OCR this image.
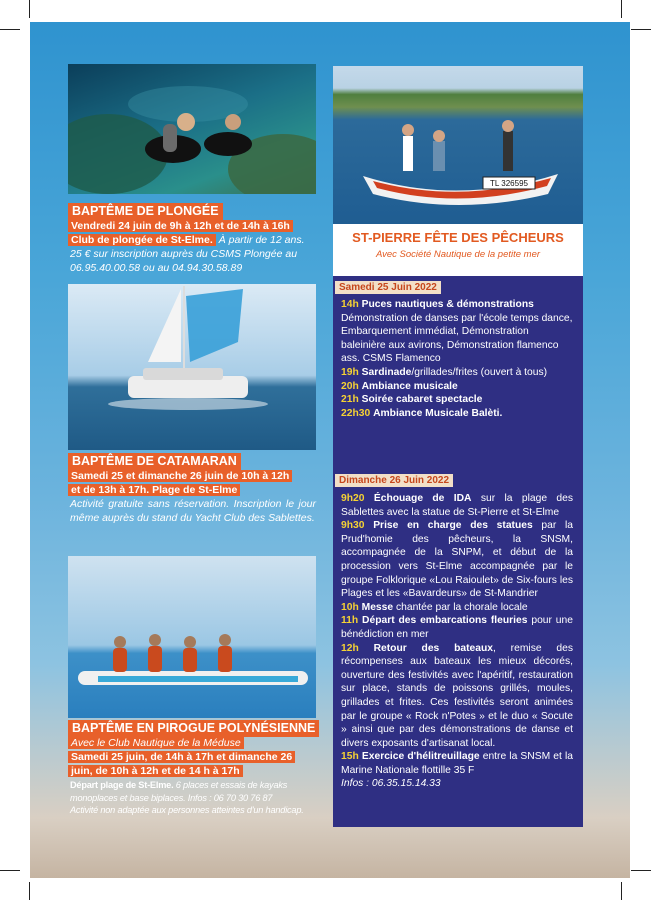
BAPTÊME DE PLONGÉE
Vendredi 24 juin de 9h à 12h et de 14h à 16h
Club de plongée de St-Elme. À partir de 12 ans.

25 € sur inscription auprès du CSMS Plongée au 06.95.40.00.58 ou au 04.94.30.58.89
BAPTÊME DE CATAMARAN
Samedi 25 et dimanche 26 juin de 10h à 12h
et de 13h à 17h. Plage de St-Elme

Activité gratuite sans réservation. Inscription le jour même auprès du stand du Yacht Club des Sablettes.
BAPTÊME EN PIROGUE POLYNÉSIENNE
Avec le Club Nautique de la Méduse
Samedi 25 juin, de 14h à 17h et dimanche 26
juin, de 10h à 12h et de 14 h à 17h
Départ plage de St-Elme. 6 places et essais de kayaks monoplaces et base biplaces. Infos : 06 70 30 76 87
Activité non adaptée aux personnes atteintes d'un handicap.
TL 326595
ST-PIERRE FÊTE DES PÊCHEURS
Avec Société Nautique de la petite mer
Samedi 25 Juin 2022
14h Puces nautiques & démonstrations
Démonstration de danses par l'école temps dance, Embarquement immédiat, Démonstration baleinière aux avirons, Démonstration flamenco ass. CSMS Flamenco
19h Sardinade/grillades/frites (ouvert à tous)
20h Ambiance musicale
21h Soirée cabaret spectacle
22h30 Ambiance Musicale Balèti.
Dimanche 26 Juin 2022
9h20 Échouage de IDA sur la plage des Sablettes avec la statue de St-Pierre et St-Elme
9h30 Prise en charge des statues par la Prud'homie des pêcheurs, la SNSM, accompagnée de la SNPM, et début de la procession vers St-Elme accompagnée par le groupe Folklorique «Lou Raioulet» de Six-fours les Plages et les «Bavardeurs» de St-Mandrier
10h Messe chantée par la chorale locale
11h Départ des embarcations fleuries pour une bénédiction en mer
12h Retour des bateaux, remise des récompenses aux bateaux les mieux décorés, ouverture des festivités avec l'apéritif, restauration sur place, stands de poissons grillés, moules, grillades et frites. Ces festivités seront animées par le groupe « Rock n'Potes » et le duo « Socute » ainsi que par des démonstrations de danse et divers exposants d'artisanat local.
15h Exercice d'hélitreuillage entre la SNSM et la Marine Nationale flottille 35 F
Infos : 06.35.15.14.33
